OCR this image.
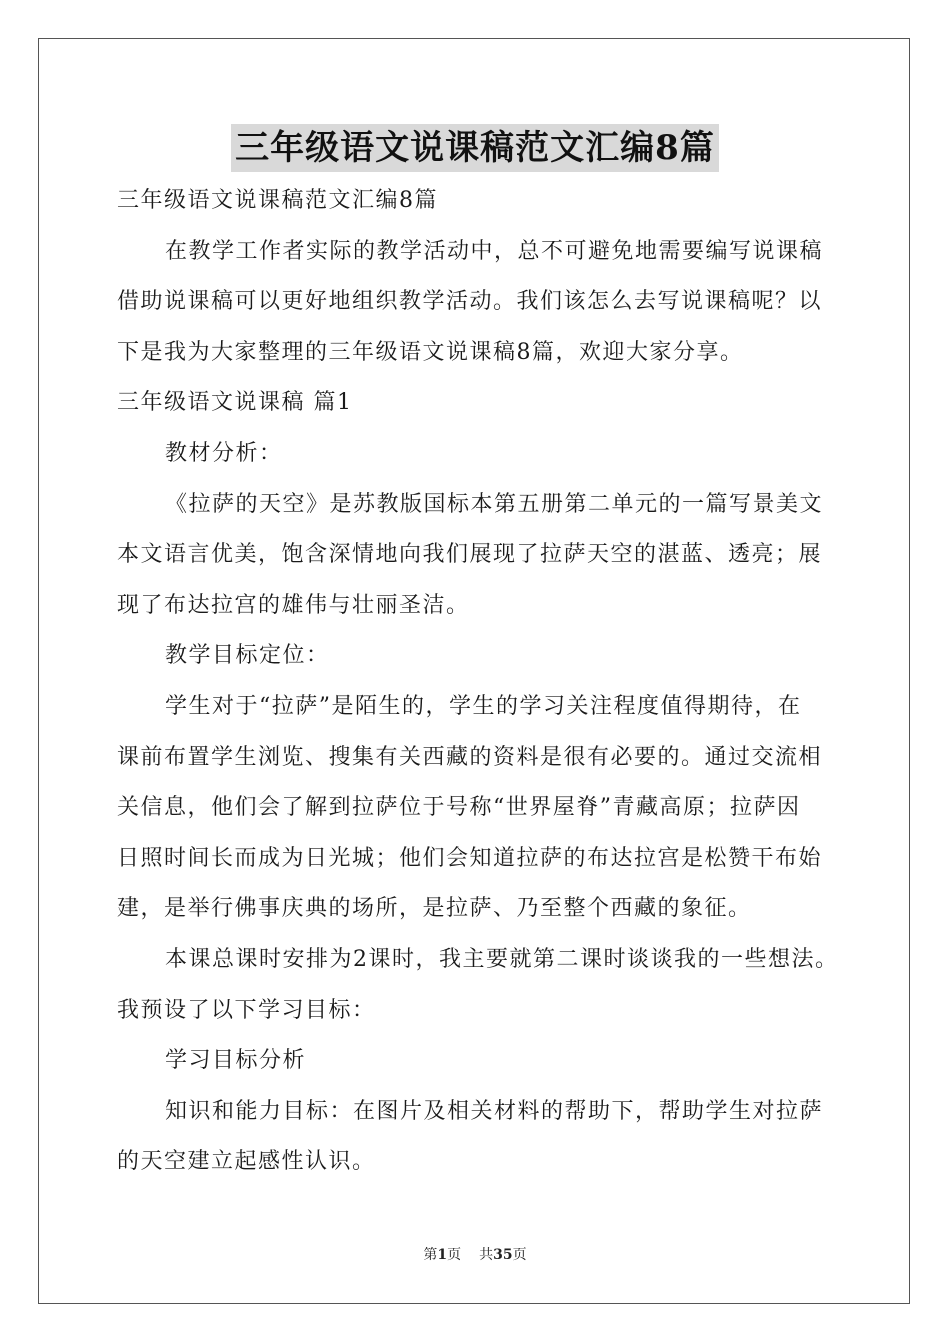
三年级语文说课稿范文汇编8篇
三年级语文说课稿范文汇编8篇
在教学工作者实际的教学活动中，总不可避免地需要编写说课稿
借助说课稿可以更好地组织教学活动。我们该怎么去写说课稿呢？以
下是我为大家整理的三年级语文说课稿8篇，欢迎大家分享。
三年级语文说课稿 篇1
教材分析：
《拉萨的天空》是苏教版国标本第五册第二单元的一篇写景美文
本文语言优美，饱含深情地向我们展现了拉萨天空的湛蓝、透亮；展
现了布达拉宫的雄伟与壮丽圣洁。
教学目标定位：
学生对于“拉萨”是陌生的，学生的学习关注程度值得期待，在
课前布置学生浏览、搜集有关西藏的资料是很有必要的。通过交流相
关信息，他们会了解到拉萨位于号称“世界屋脊”青藏高原；拉萨因
日照时间长而成为日光城；他们会知道拉萨的布达拉宫是松赞干布始
建，是举行佛事庆典的场所，是拉萨、乃至整个西藏的象征。
本课总课时安排为2课时，我主要就第二课时谈谈我的一些想法。
我预设了以下学习目标：
学习目标分析
知识和能力目标：在图片及相关材料的帮助下，帮助学生对拉萨
的天空建立起感性认识。
第1页 共35页
